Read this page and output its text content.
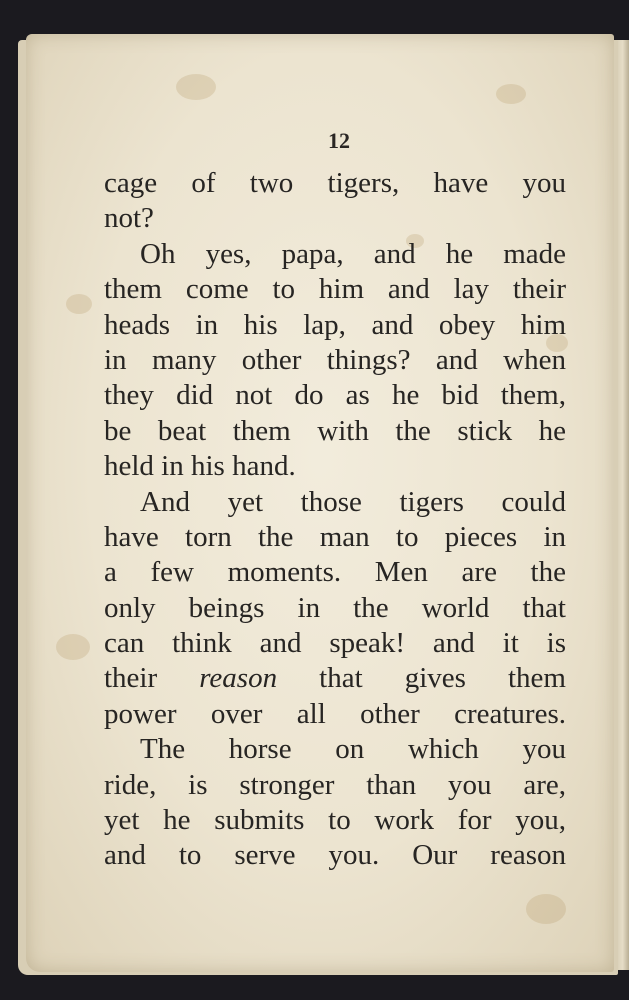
12
cage of two tigers, have you
not?
Oh yes, papa, and he made
them come to him and lay their
heads in his lap, and obey him
in many other things? and when
they did not do as he bid them,
be beat them with the stick he
held in his hand.
And yet those tigers could
have torn the man to pieces in
a few moments. Men are the
only beings in the world that
can think and speak! and it is
their reason that gives them
power over all other creatures.
The horse on which you
ride, is stronger than you are,
yet he submits to work for you,
and to serve you. Our reason
